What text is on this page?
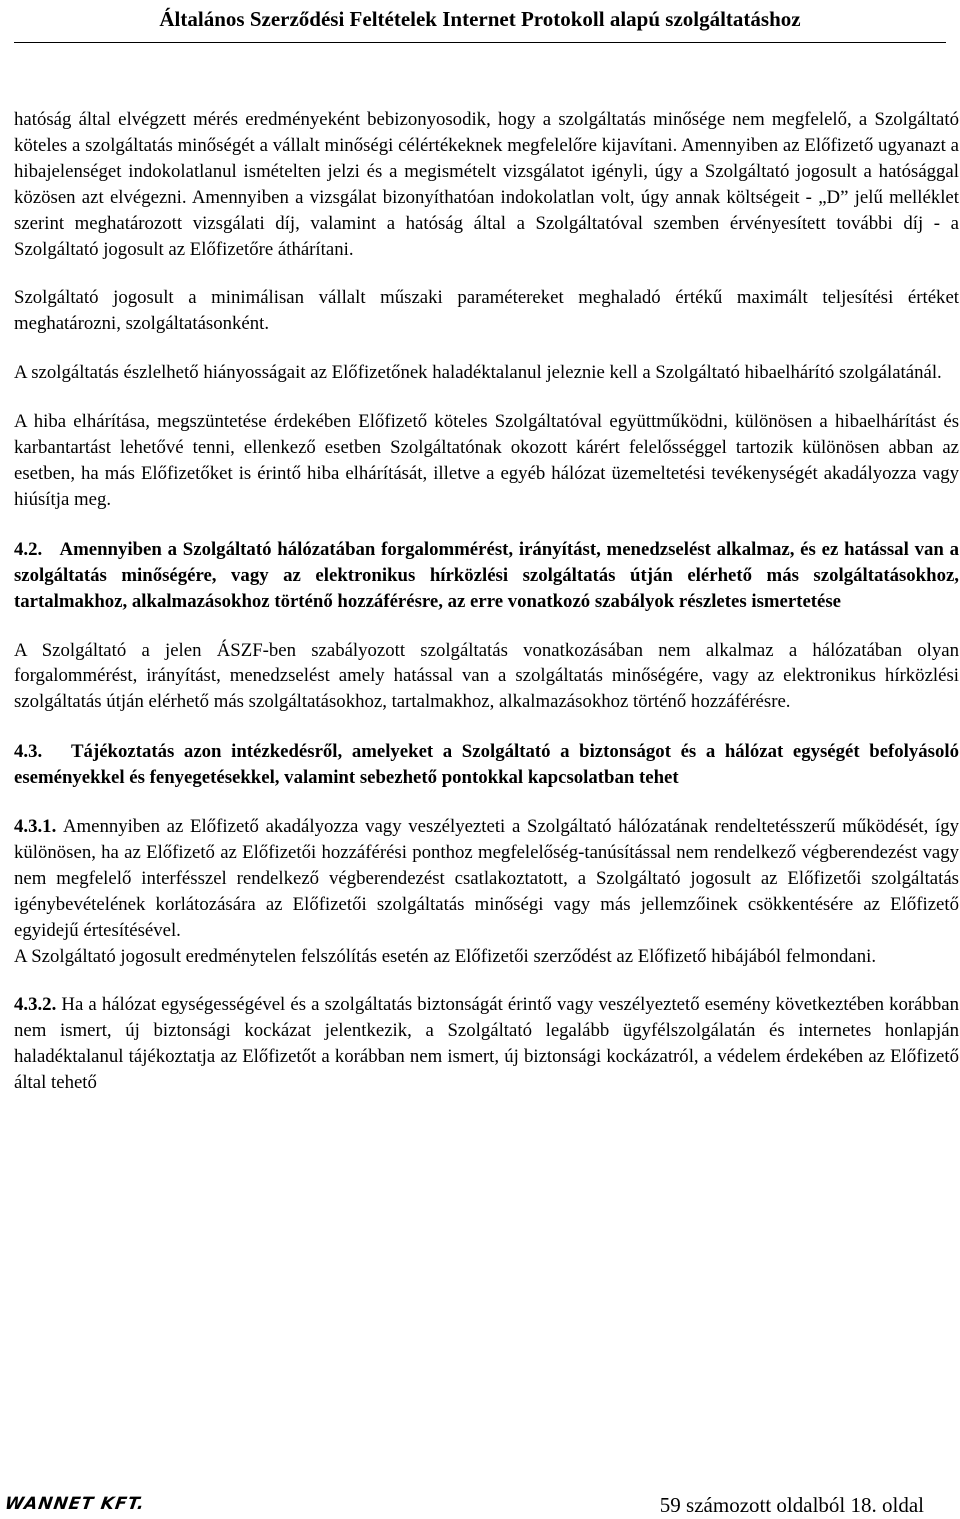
Általános Szerződési Feltételek Internet Protokoll alapú szolgáltatáshoz

hatóság által elvégzett mérés eredményeként bebizonyosodik, hogy a szolgáltatás minősége nem megfelelő, a Szolgáltató köteles a szolgáltatás minőségét a vállalt minőségi célértékeknek megfelelőre kijavítani. Amennyiben az Előfizető ugyanazt a hibajelenséget indokolatlanul ismételten jelzi és a megismételt vizsgálatot igényli, úgy a Szolgáltató jogosult a hatósággal közösen azt elvégezni. Amennyiben a vizsgálat bizonyíthatóan indokolatlan volt, úgy annak költségeit - „D” jelű melléklet szerint meghatározott vizsgálati díj, valamint a hatóság által a Szolgáltatóval szemben érvényesített további díj - a Szolgáltató jogosult az Előfizetőre áthárítani.

Szolgáltató jogosult a minimálisan vállalt műszaki paramétereket meghaladó értékű maximált teljesítési értéket meghatározni, szolgáltatásonként.

A szolgáltatás észlelhető hiányosságait az Előfizetőnek haladéktalanul jeleznie kell a Szolgáltató hibaelhárító szolgálatánál.

A hiba elhárítása, megszüntetése érdekében Előfizető köteles Szolgáltatóval együttműködni, különösen a hibaelhárítást és karbantartást lehetővé tenni, ellenkező esetben Szolgáltatónak okozott kárért felelősséggel tartozik különösen abban az esetben, ha más Előfizetőket is érintő hiba elhárítását, illetve a egyéb hálózat üzemeltetési tevékenységét akadályozza vagy hiúsítja meg.

4.2. Amennyiben a Szolgáltató hálózatában forgalommérést, irányítást, menedzselést alkalmaz, és ez hatással van a szolgáltatás minőségére, vagy az elektronikus hírközlési szolgáltatás útján elérhető más szolgáltatásokhoz, tartalmakhoz, alkalmazásokhoz történő hozzáférésre, az erre vonatkozó szabályok részletes ismertetése

A Szolgáltató a jelen ÁSZF-ben szabályozott szolgáltatás vonatkozásában nem alkalmaz a hálózatában olyan forgalommérést, irányítást, menedzselést amely hatással van a szolgáltatás minőségére, vagy az elektronikus hírközlési szolgáltatás útján elérhető más szolgáltatásokhoz, tartalmakhoz, alkalmazásokhoz történő hozzáférésre.

4.3. Tájékoztatás azon intézkedésről, amelyeket a Szolgáltató a biztonságot és a hálózat egységét befolyásoló eseményekkel és fenyegetésekkel, valamint sebezhető pontokkal kapcsolatban tehet

4.3.1. Amennyiben az Előfizető akadályozza vagy veszélyezteti a Szolgáltató hálózatának rendeltetésszerű működését, így különösen, ha az Előfizető az Előfizetői hozzáférési ponthoz megfelelőség-tanúsítással nem rendelkező végberendezést vagy nem megfelelő interfésszel rendelkező végberendezést csatlakoztatott, a Szolgáltató jogosult az Előfizetői szolgáltatás igénybevételének korlátozására az Előfizetői szolgáltatás minőségi vagy más jellemzőinek csökkentésére az Előfizető egyidejű értesítésével.

A Szolgáltató jogosult eredménytelen felszólítás esetén az Előfizetői szerződést az Előfizető hibájából felmondani.

4.3.2. Ha a hálózat egységességével és a szolgáltatás biztonságát érintő vagy veszélyeztető esemény következtében korábban nem ismert, új biztonsági kockázat jelentkezik, a Szolgáltató legalább ügyfélszolgálatán és internetes honlapján haladéktalanul tájékoztatja az Előfizetőt a korábban nem ismert, új biztonsági kockázatról, a védelem érdekében az Előfizető által tehető

WANNET KFT.	59 számozott oldalból 18. oldal
